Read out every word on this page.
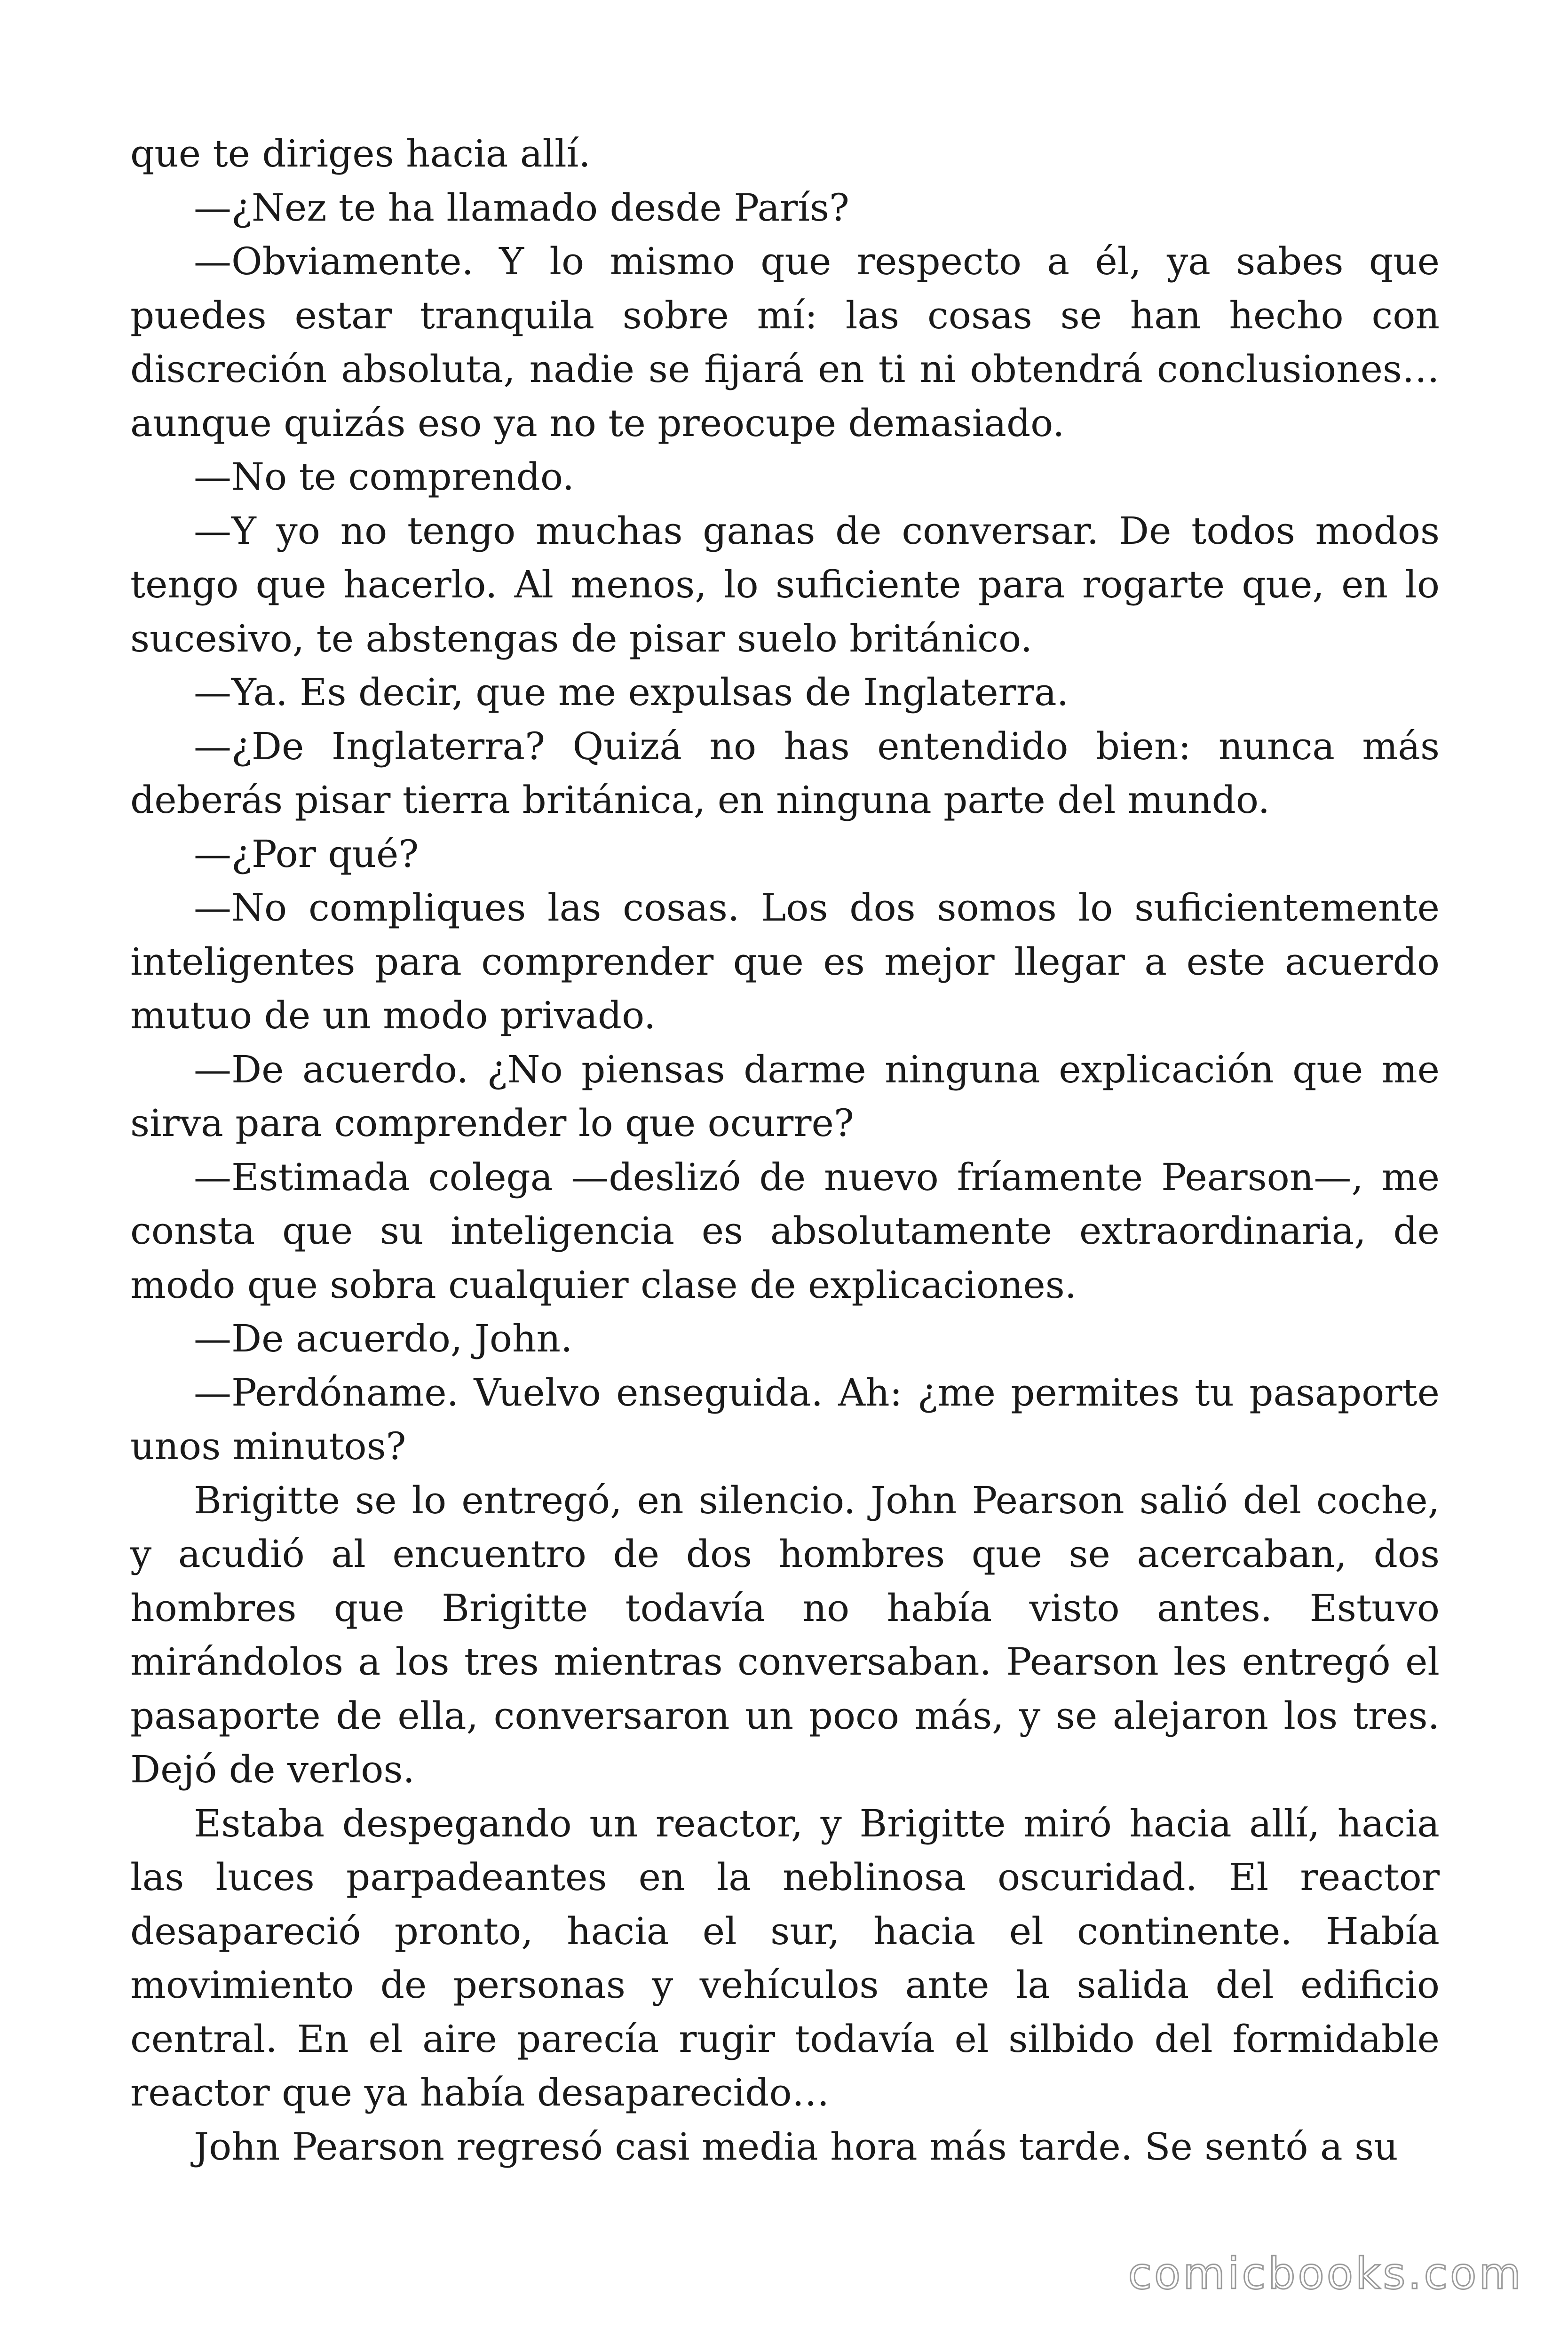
que te diriges hacia allí.

—¿Nez te ha llamado desde París?

—Obviamente. Y lo mismo que respecto a él, ya sabes que puedes estar tranquila sobre mí: las cosas se han hecho con discreción absoluta, nadie se fijará en ti ni obtendrá conclusiones… aunque quizás eso ya no te preocupe demasiado.

—No te comprendo.

—Y yo no tengo muchas ganas de conversar. De todos modos tengo que hacerlo. Al menos, lo suficiente para rogarte que, en lo sucesivo, te abstengas de pisar suelo británico.

—Ya. Es decir, que me expulsas de Inglaterra.

—¿De Inglaterra? Quizá no has entendido bien: nunca más deberás pisar tierra británica, en ninguna parte del mundo.

—¿Por qué?

—No compliques las cosas. Los dos somos lo suficientemente inteligentes para comprender que es mejor llegar a este acuerdo mutuo de un modo privado.

—De acuerdo. ¿No piensas darme ninguna explicación que me sirva para comprender lo que ocurre?

—Estimada colega —deslizó de nuevo fríamente Pearson—, me consta que su inteligencia es absolutamente extraordinaria, de modo que sobra cualquier clase de explicaciones.

—De acuerdo, John.

—Perdóname. Vuelvo enseguida. Ah: ¿me permites tu pasaporte unos minutos?

Brigitte se lo entregó, en silencio. John Pearson salió del coche, y acudió al encuentro de dos hombres que se acercaban, dos hombres que Brigitte todavía no había visto antes. Estuvo mirándolos a los tres mientras conversaban. Pearson les entregó el pasaporte de ella, conversaron un poco más, y se alejaron los tres. Dejó de verlos.

Estaba despegando un reactor, y Brigitte miró hacia allí, hacia las luces parpadeantes en la neblinosa oscuridad. El reactor desapareció pronto, hacia el sur, hacia el continente. Había movimiento de personas y vehículos ante la salida del edificio central. En el aire parecía rugir todavía el silbido del formidable reactor que ya había desaparecido…

John Pearson regresó casi media hora más tarde. Se sentó a su

comicbooks.com
